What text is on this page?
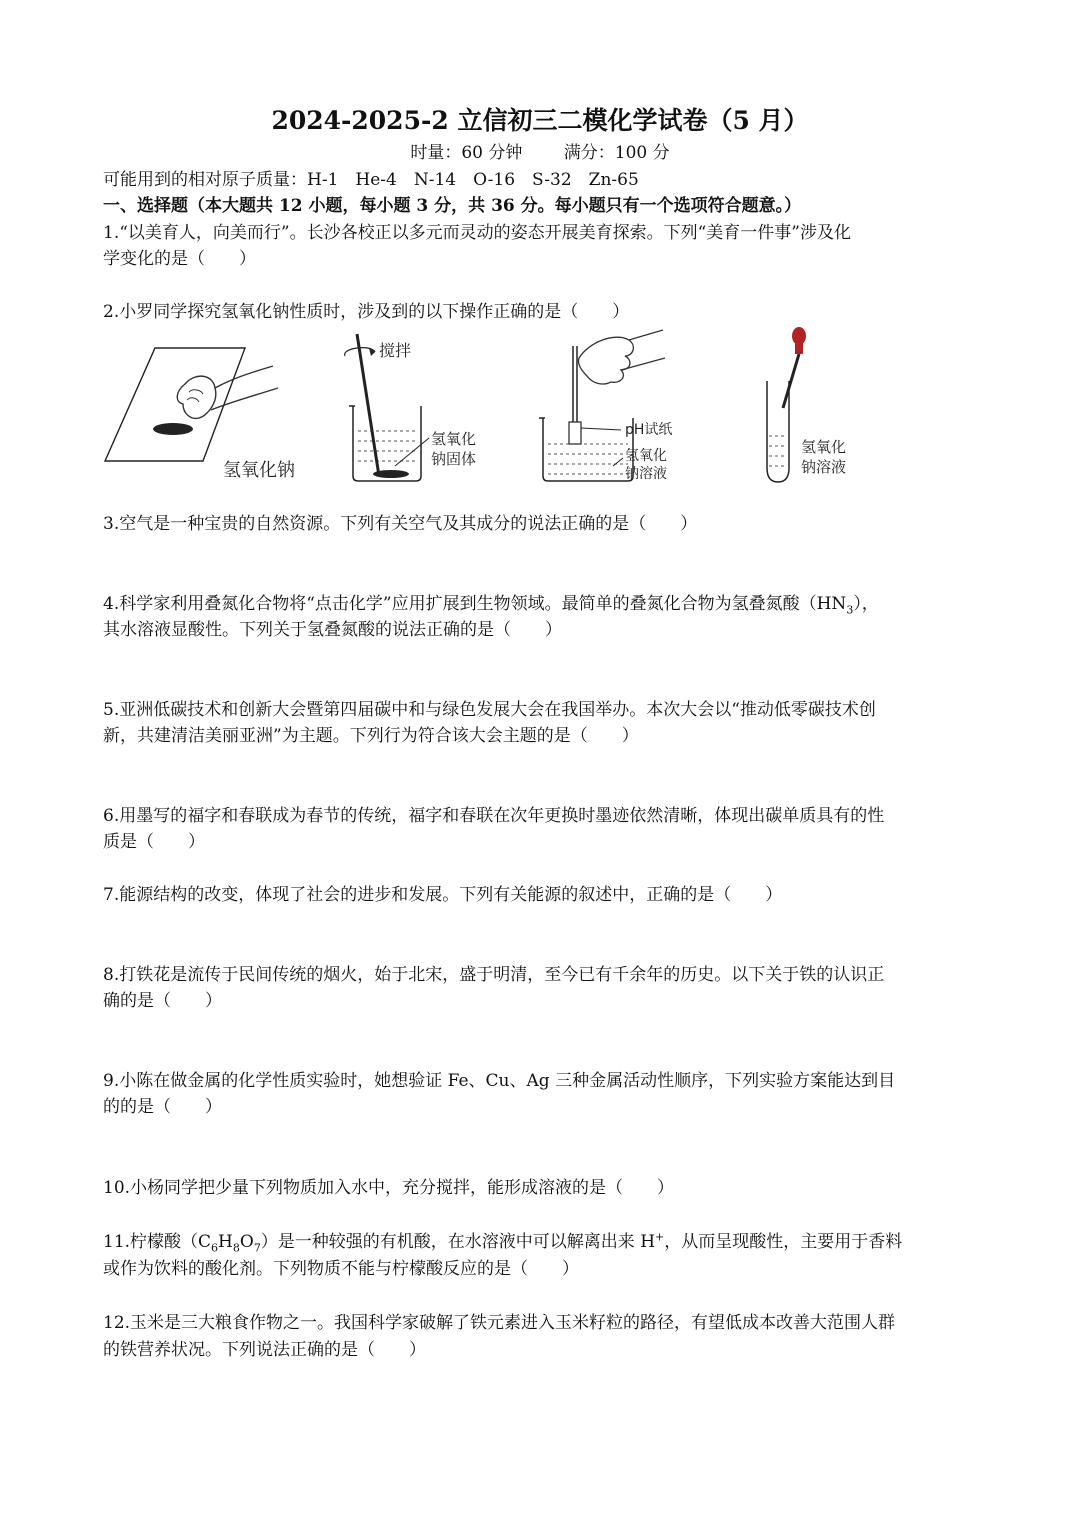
2024-2025-2 立信初三二模化学试卷（5 月）
时量：60 分钟 满分：100 分
可能用到的相对原子质量：H-1　He-4　N-14　O-16　S-32　Zn-65
一、选择题（本大题共 12 小题，每小题 3 分，共 36 分。每小题只有一个选项符合题意。）
1.“以美育人，向美而行”。长沙各校正以多元而灵动的姿态开展美育探索。下列“美育一件事”涉及化
学变化的是（　　）
2.小罗同学探究氢氧化钠性质时，涉及到的以下操作正确的是（　　）
氢氧化钠
搅拌
氢氧化
钠固体
pH试纸
氢氧化
钠溶液
氢氧化
钠溶液
3.空气是一种宝贵的自然资源。下列有关空气及其成分的说法正确的是（　　）
4.科学家利用叠氮化合物将“点击化学”应用扩展到生物领域。最简单的叠氮化合物为氢叠氮酸$(HN_3)$，
其水溶液显酸性。下列关于氢叠氮酸的说法正确的是（　　）
5.亚洲低碳技术和创新大会暨第四届碳中和与绿色发展大会在我国举办。本次大会以“推动低零碳技术创
新，共建清洁美丽亚洲”为主题。下列行为符合该大会主题的是（　　）
6.用墨写的福字和春联成为春节的传统，福字和春联在次年更换时墨迹依然清晰，体现出碳单质具有的性
质是（　　）
7.能源结构的改变，体现了社会的进步和发展。下列有关能源的叙述中，正确的是（　　）
8.打铁花是流传于民间传统的烟火，始于北宋，盛于明清，至今已有千余年的历史。以下关于铁的认识正
确的是（　　）
9.小陈在做金属的化学性质实验时，她想验证 Fe、Cu、Ag 三种金属活动性顺序，下列实验方案能达到目
的的是（　　）
10.小杨同学把少量下列物质加入水中，充分搅拌，能形成溶液的是（　　）
11.柠檬酸$(C_6H_8O_7)$是一种较强的有机酸，在水溶液中可以解离出来 H+，从而呈现酸性，主要用于香料
或作为饮料的酸化剂。下列物质不能与柠檬酸反应的是（　　）
12.玉米是三大粮食作物之一。我国科学家破解了铁元素进入玉米籽粒的路径，有望低成本改善大范围人群
的铁营养状况。下列说法正确的是（　　）
